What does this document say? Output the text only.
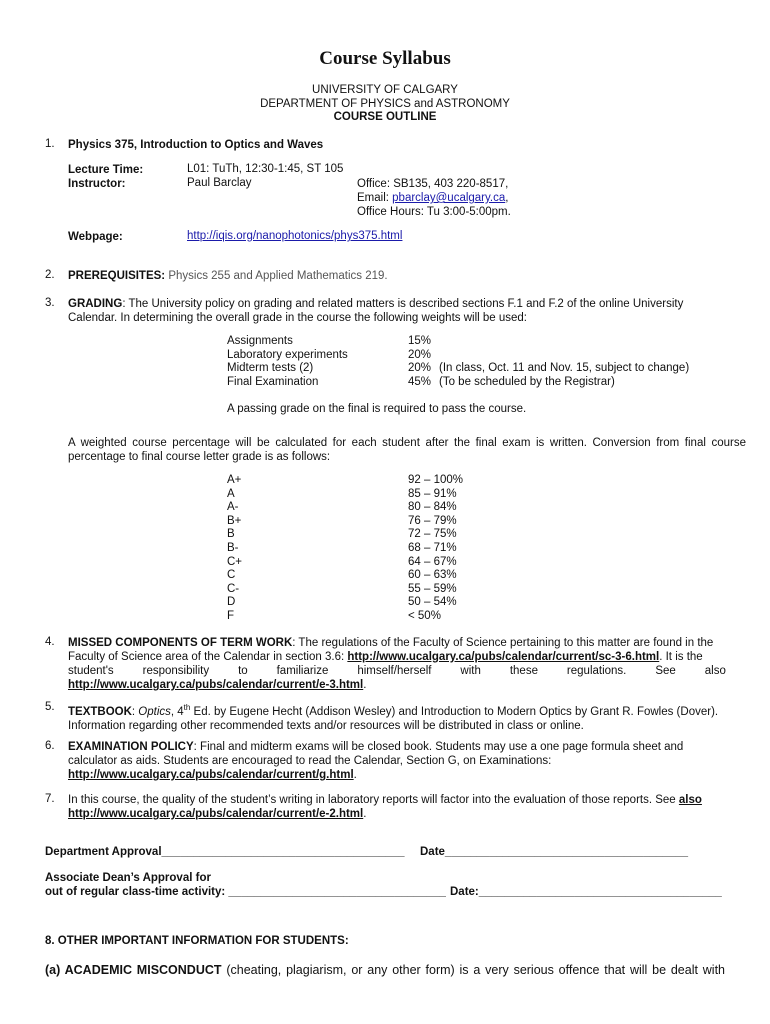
Course Syllabus
UNIVERSITY OF CALGARY
DEPARTMENT OF PHYSICS and ASTRONOMY
COURSE OUTLINE
1. Physics 375, Introduction to Optics and Waves
Lecture Time:	L01: TuTh, 12:30-1:45, ST 105
Instructor:	Paul Barclay	Office: SB135, 403 220-8517,
Email: pbarclay@ucalgary.ca,
Office Hours: Tu 3:00-5:00pm.
Webpage:	http://iqis.org/nanophotonics/phys375.html
2. PREREQUISITES: Physics 255 and Applied Mathematics 219.
3. GRADING: The University policy on grading and related matters is described sections F.1 and F.2 of the online University
Calendar. In determining the overall grade in the course the following weights will be used:
Assignments	15%
Laboratory experiments	20%
Midterm tests (2)	20% (In class, Oct. 11 and Nov. 15, subject to change)
Final Examination	45% (To be scheduled by the Registrar)
A passing grade on the final is required to pass the course.
A weighted course percentage will be calculated for each student after the final exam is written. Conversion from final course
percentage to final course letter grade is as follows:
A+	92 – 100%
A	85 – 91%
A-	80 – 84%
B+	76 – 79%
B	72 – 75%
B-	68 – 71%
C+	64 – 67%
C	60 – 63%
C-	55 – 59%
D	50 – 54%
F	< 50%
4. MISSED COMPONENTS OF TERM WORK: The regulations of the Faculty of Science pertaining to this matter are found in the
Faculty of Science area of the Calendar in section 3.6: http://www.ucalgary.ca/pubs/calendar/current/sc-3-6.html. It is the
student's	responsibility	to	familiarize	himself/herself	with	these	regulations.	See	also
http://www.ucalgary.ca/pubs/calendar/current/e-3.html.
5. TEXTBOOK: Optics, 4th Ed. by Eugene Hecht (Addison Wesley) and Introduction to Modern Optics by Grant R. Fowles (Dover).
Information regarding other recommended texts and/or resources will be distributed in class or online.
6. EXAMINATION POLICY: Final and midterm exams will be closed book. Students may use a one page formula sheet and
calculator as aids. Students are encouraged to read the Calendar, Section G, on Examinations:
http://www.ucalgary.ca/pubs/calendar/current/g.html.
7. In this course, the quality of the student’s writing in laboratory reports will factor into the evaluation of those reports. See also
http://www.ucalgary.ca/pubs/calendar/current/e-2.html.
Department Approval______________________________________ Date______________________________________
Associate Dean’s Approval for
out of regular class-time activity: __________________________________ Date:______________________________________
8. OTHER IMPORTANT INFORMATION FOR STUDENTS:
(a) ACADEMIC MISCONDUCT (cheating, plagiarism, or any other form) is a very serious offence that will be dealt with
